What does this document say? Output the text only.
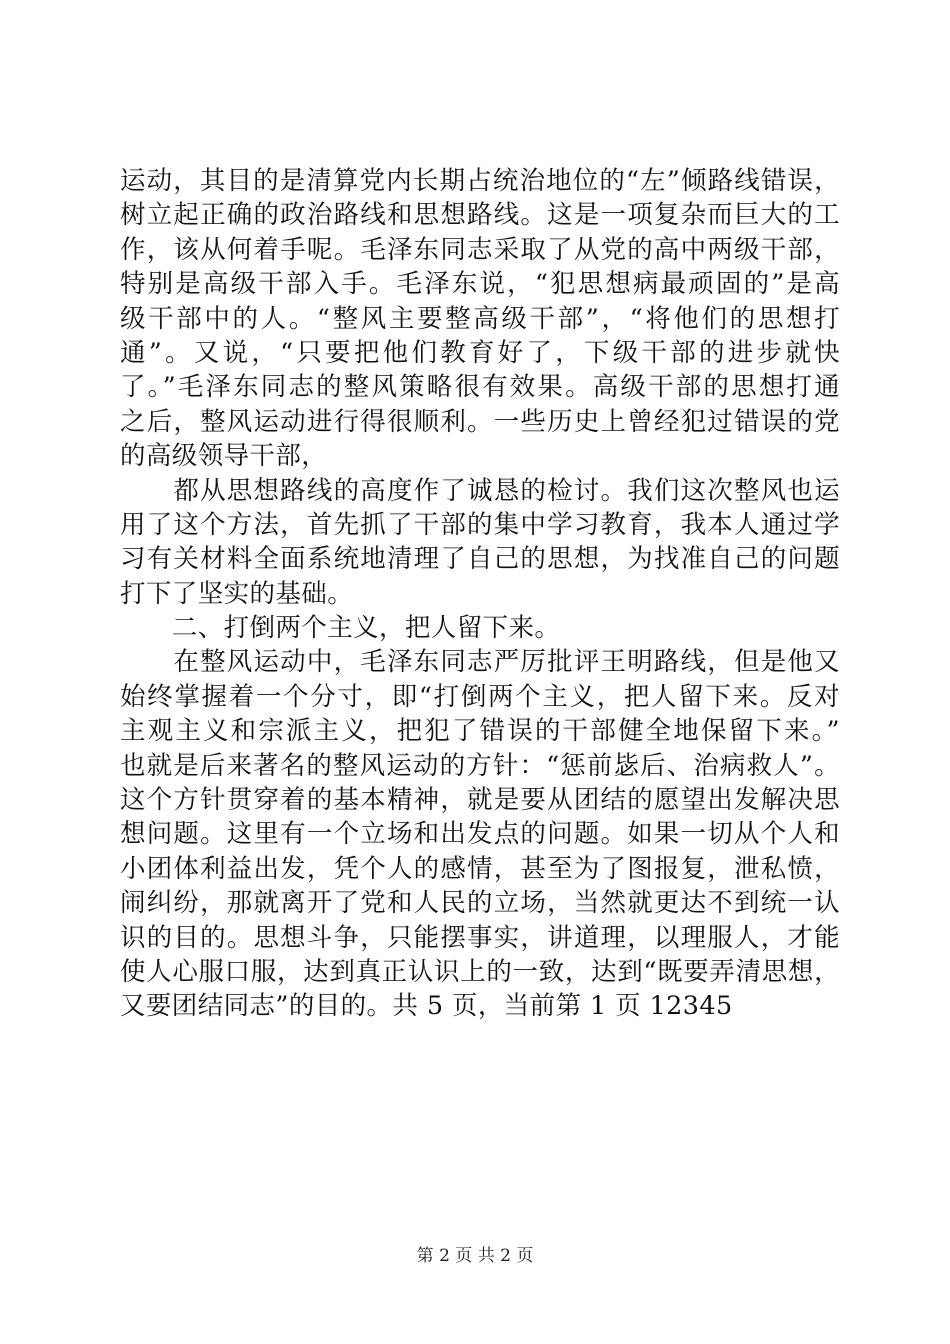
运动，其目的是清算党内长期占统治地位的“左”倾路线错误，
树立起正确的政治路线和思想路线。这是一项复杂而巨大的工
作，该从何着手呢。毛泽东同志采取了从党的高中两级干部，
特别是高级干部入手。毛泽东说，“犯思想病最顽固的”是高
级干部中的人。“整风主要整高级干部”，“将他们的思想打
通”。又说，“只要把他们教育好了，下级干部的进步就快
了。”毛泽东同志的整风策略很有效果。高级干部的思想打通
之后，整风运动进行得很顺利。一些历史上曾经犯过错误的党
的高级领导干部，
　　都从思想路线的高度作了诚恳的检讨。我们这次整风也运
用了这个方法，首先抓了干部的集中学习教育，我本人通过学
习有关材料全面系统地清理了自己的思想，为找准自己的问题
打下了坚实的基础。
　　二、打倒两个主义，把人留下来。
　　在整风运动中，毛泽东同志严厉批评王明路线，但是他又
始终掌握着一个分寸，即“打倒两个主义，把人留下来。反对
主观主义和宗派主义，把犯了错误的干部健全地保留下来。”
也就是后来著名的整风运动的方针：“惩前毖后、治病救人”。
这个方针贯穿着的基本精神，就是要从团结的愿望出发解决思
想问题。这里有一个立场和出发点的问题。如果一切从个人和
小团体利益出发，凭个人的感情，甚至为了图报复，泄私愤，
闹纠纷，那就离开了党和人民的立场，当然就更达不到统一认
识的目的。思想斗争，只能摆事实，讲道理，以理服人，才能
使人心服口服，达到真正认识上的一致，达到“既要弄清思想，
又要团结同志”的目的。共 5 页，当前第 1 页 12345
第 2 页 共 2 页
